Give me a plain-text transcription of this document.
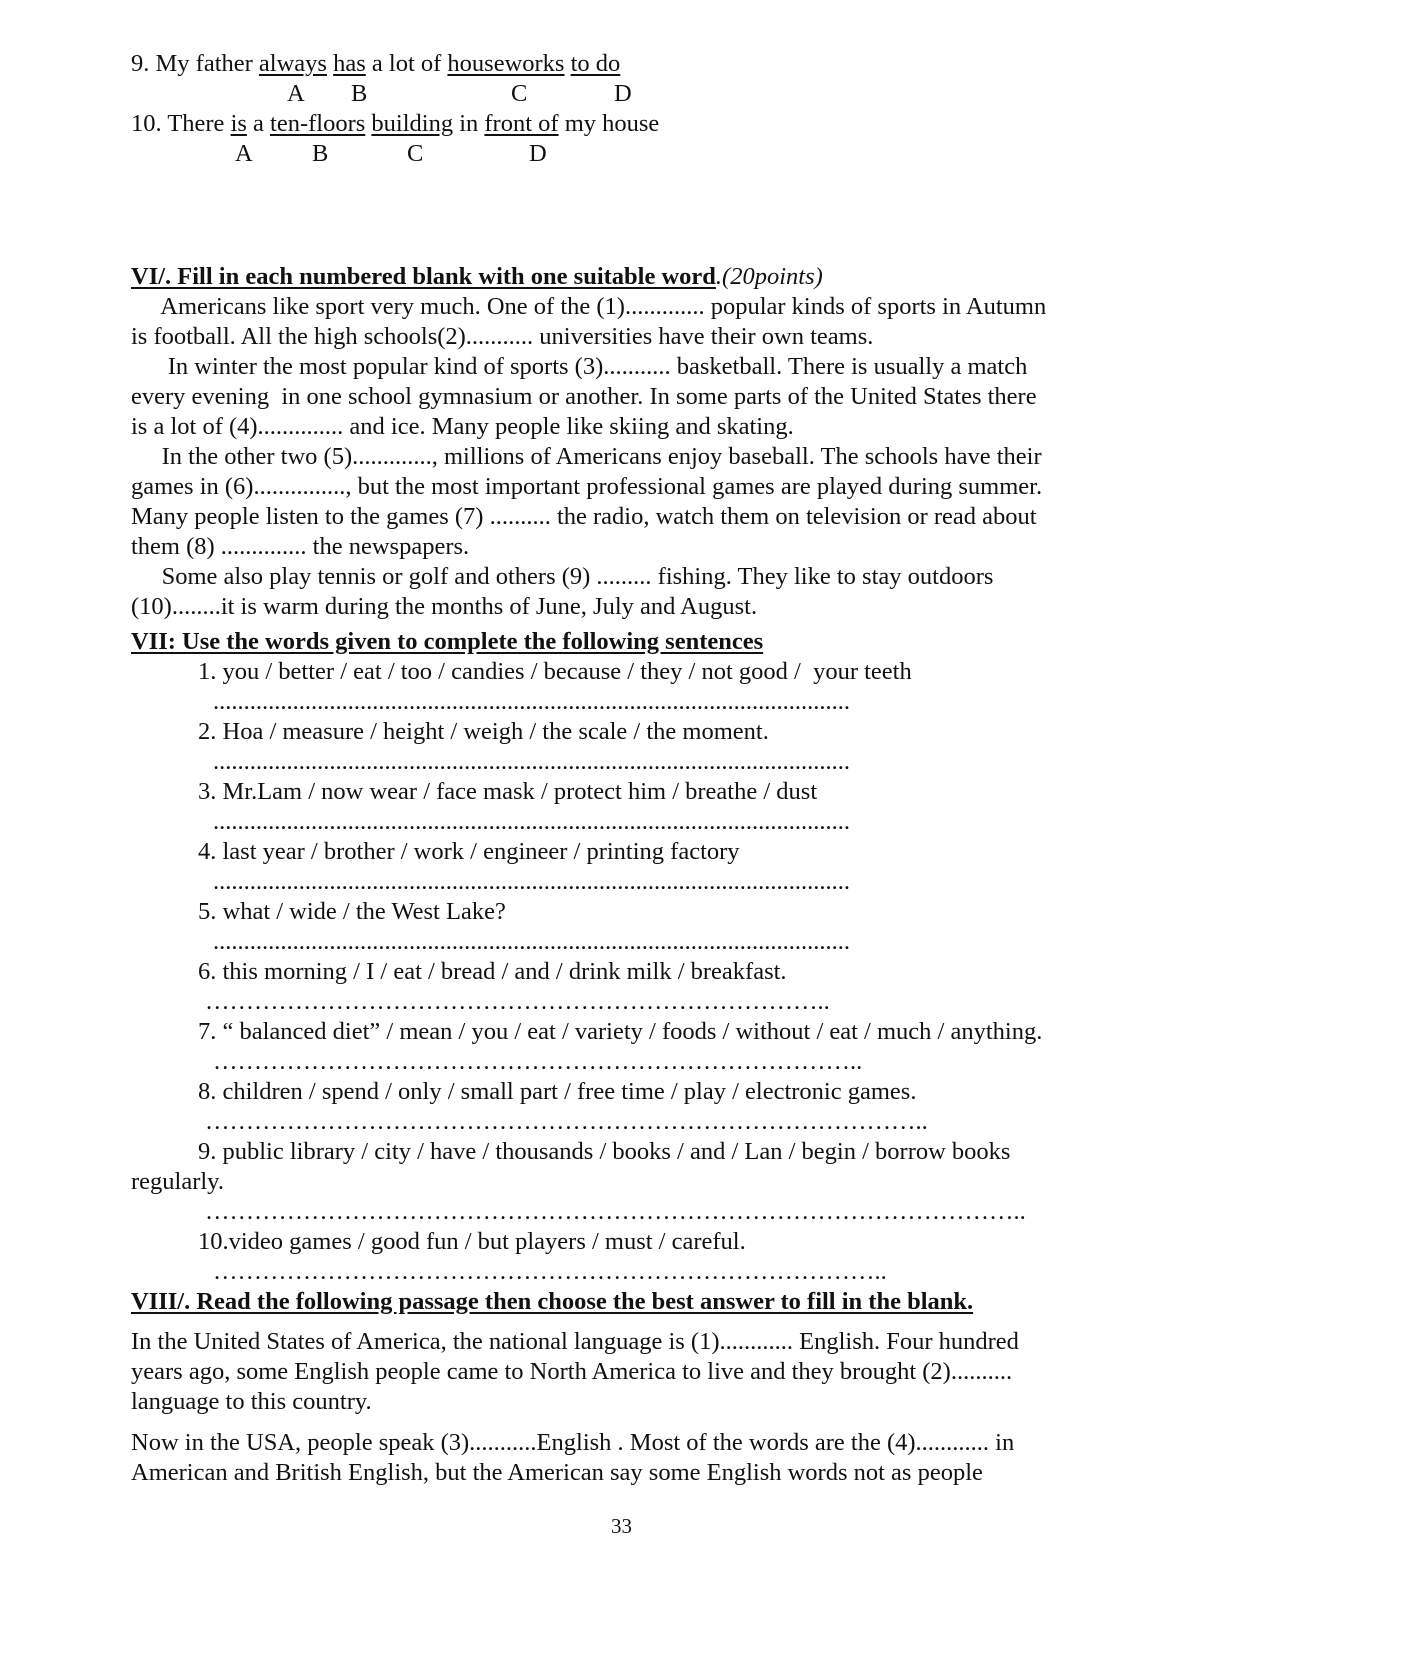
9. My father always has a lot of houseworks to do
A B	C	D
10. There is a ten-floors building in front of my house
A B	C	D
VI/. Fill in each numbered blank with one suitable word.(20points)
Americans like sport very much. One of the (1)............. popular kinds of sports in Autumn
is football. All the high schools(2)........... universities have their own teams.
In winter the most popular kind of sports (3)........... basketball. There is usually a match
every evening  in one school gymnasium or another. In some parts of the United States there
is a lot of (4).............. and ice. Many people like skiing and skating.
In the other two (5)............., millions of Americans enjoy baseball. The schools have their
games in (6)..............., but the most important professional games are played during summer.
Many people listen to the games (7) .......... the radio, watch them on television or read about
them (8) .............. the newspapers.
Some also play tennis or golf and others (9) ......... fishing. They like to stay outdoors
(10)........it is warm during the months of June, July and August.
VII: Use the words given to complete the following sentences
1. you / better / eat / too / candies / because / they / not good /  your teeth
........................................................................................................
2. Hoa / measure / height / weigh / the scale / the moment.
........................................................................................................
3. Mr.Lam / now wear / face mask / protect him / breathe / dust
........................................................................................................
4. last year / brother / work / engineer / printing factory
........................................................................................................
5. what / wide / the West Lake?
........................................................................................................
6. this morning / I / eat / bread / and / drink milk / breakfast.
…………………………………………………………………..
7. “ balanced diet” / mean / you / eat / variety / foods / without / eat / much / anything.
……………………………………………………………………..
8. children / spend / only / small part / free time / play / electronic games.
……………………………………………………………………………..
9. public library / city / have / thousands / books / and / Lan / begin / borrow books
regularly.
………………………………………………………………………………………..
10.video games / good fun / but players / must / careful.
………………………………………………………………………..
VIII/. Read the following passage then choose the best answer to fill in the blank.
In the United States of America, the national language is (1)............ English. Four hundred
years ago, some English people came to North America to live and they brought (2)..........
language to this country.
Now in the USA, people speak (3)...........English . Most of the words are the (4)............ in
American and British English, but the American say some English words not as people
33
